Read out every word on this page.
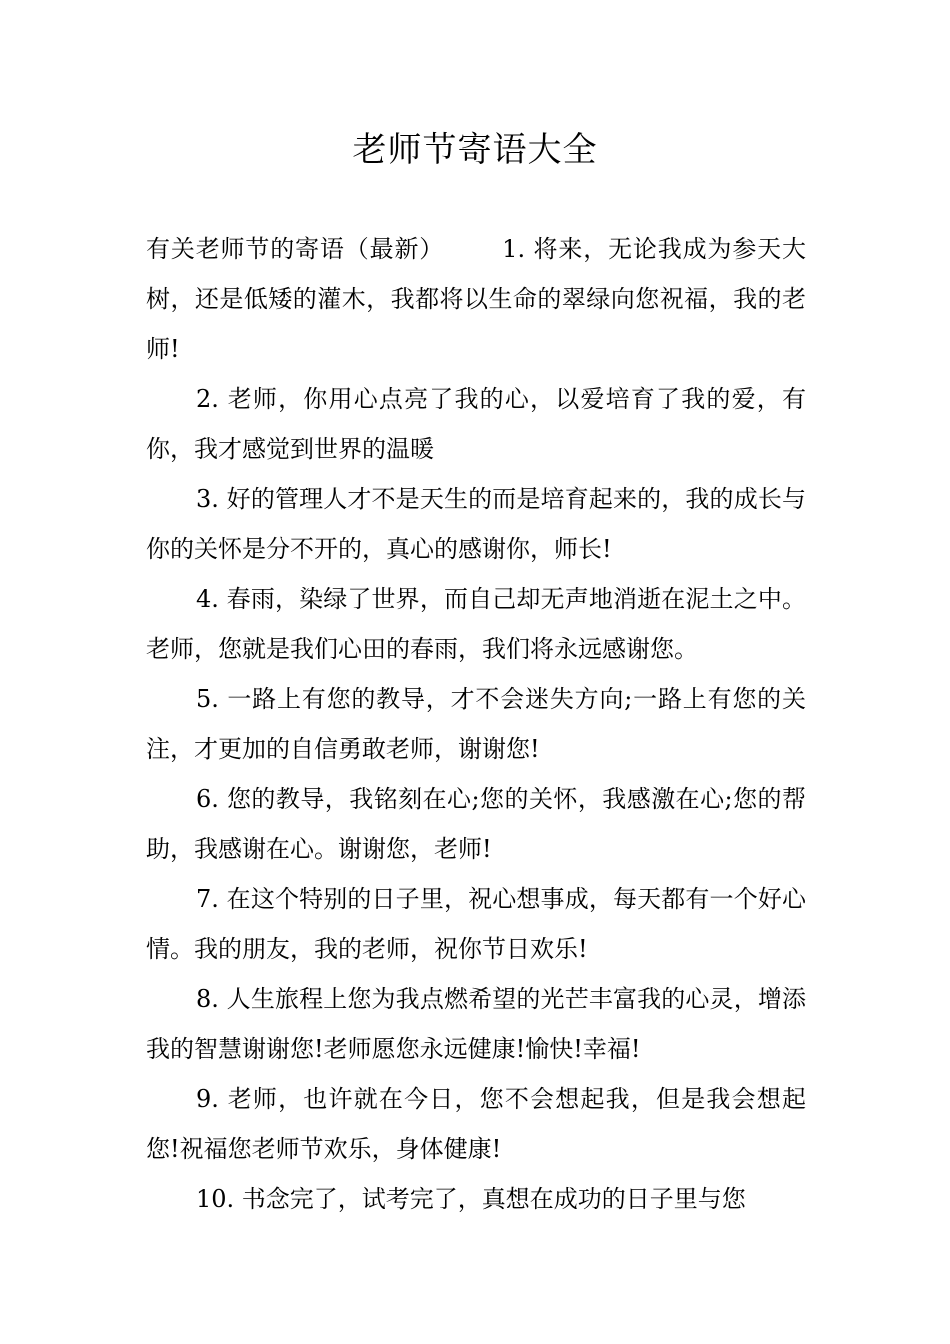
老师节寄语大全

有关老师节的寄语（最新） 1. 将来，无论我成为参天大树，还是低矮的灌木，我都将以生命的翠绿向您祝福，我的老师!

2. 老师，你用心点亮了我的心，以爱培育了我的爱，有你，我才感觉到世界的温暖

3. 好的管理人才不是天生的而是培育起来的，我的成长与你的关怀是分不开的，真心的感谢你，师长!

4. 春雨，染绿了世界，而自己却无声地消逝在泥土之中。老师，您就是我们心田的春雨，我们将永远感谢您。

5. 一路上有您的教导，才不会迷失方向;一路上有您的关注，才更加的自信勇敢老师，谢谢您!

6. 您的教导，我铭刻在心;您的关怀，我感激在心;您的帮助，我感谢在心。谢谢您，老师!

7. 在这个特别的日子里，祝心想事成，每天都有一个好心情。我的朋友，我的老师，祝你节日欢乐!

8. 人生旅程上您为我点燃希望的光芒丰富我的心灵，增添我的智慧谢谢您!老师愿您永远健康!愉快!幸福!

9. 老师，也许就在今日，您不会想起我，但是我会想起您!祝福您老师节欢乐，身体健康!

10. 书念完了，试考完了，真想在成功的日子里与您
